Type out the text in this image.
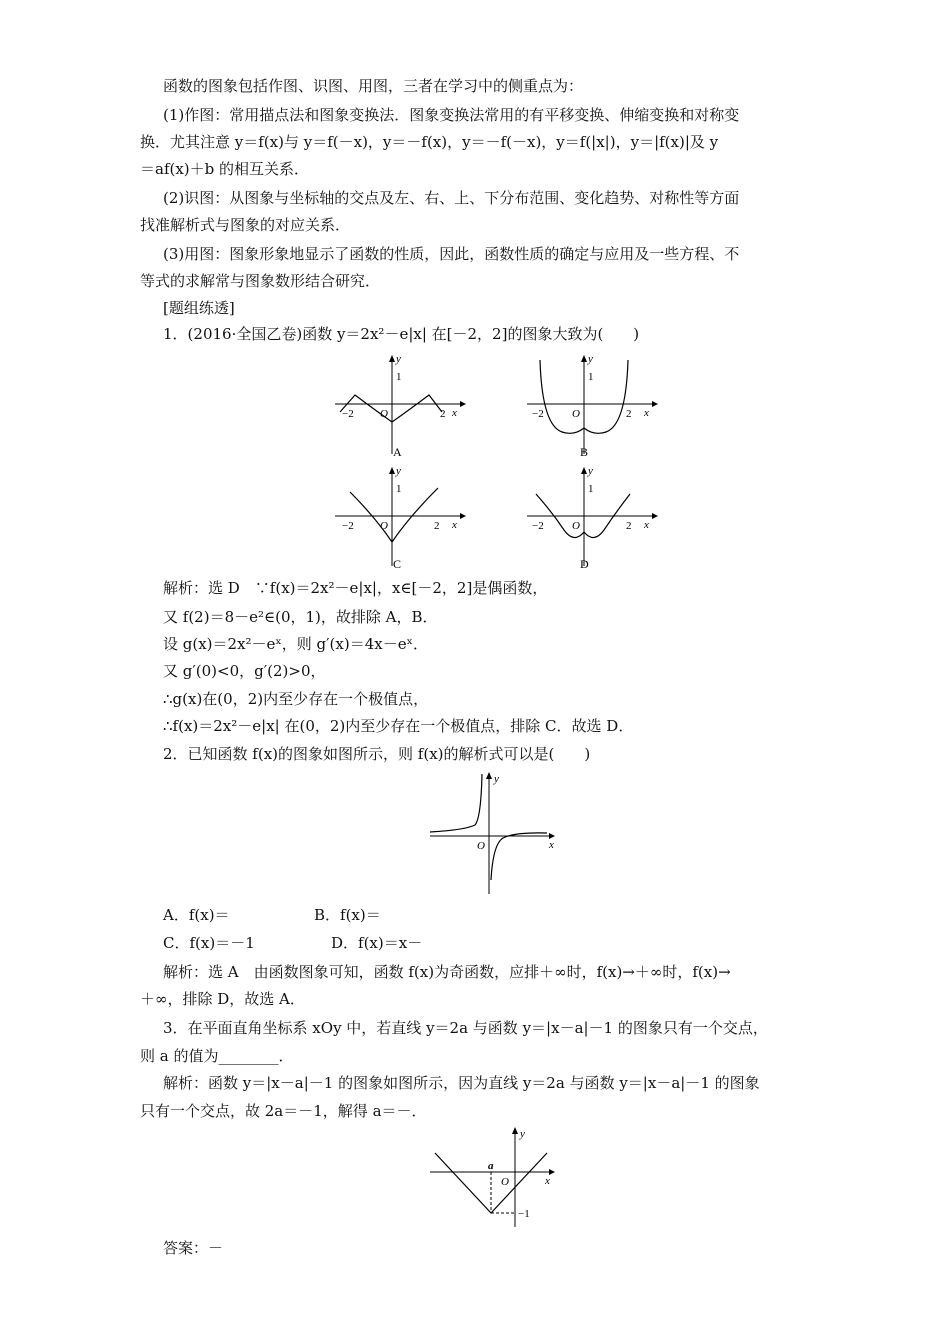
函数的图象包括作图、识图、用图，三者在学习中的侧重点为：
(1)作图：常用描点法和图象变换法．图象变换法常用的有平移变换、伸缩变换和对称变
换．尤其注意 y＝f(x)与 y＝f(－x)，y＝－f(x)，y＝－f(－x)，y＝f(|x|)，y＝|f(x)|及 y
＝af(x)＋b 的相互关系．
(2)识图：从图象与坐标轴的交点及左、右、上、下分布范围、变化趋势、对称性等方面
找准解析式与图象的对应关系．
(3)用图：图象形象地显示了函数的性质，因此，函数性质的确定与应用及一些方程、不
等式的求解常与图象数形结合研究．
[题组练透]
1．(2016·全国乙卷)函数 y＝2x²－e|x| 在[－2，2]的图象大致为(　　)
y
1
−2	2
O	x
A
y
1
−2	2
O	x
B
y
1
−2	2
O	x
C
y
1
−2	2
O	x
D
解析：选 D　∵f(x)＝2x²－e|x|，x∈[－2，2]是偶函数，
又 f(2)＝8－e²∈(0，1)，故排除 A，B．
设 g(x)＝2x²－eˣ，则 g′(x)＝4x－eˣ．
又 g′(0)<0，g′(2)>0，
∴g(x)在(0，2)内至少存在一个极值点，
∴f(x)＝2x²－e|x| 在(0，2)内至少存在一个极值点，排除 C．故选 D．
2．已知函数 f(x)的图象如图所示，则 f(x)的解析式可以是(　　)
y
O	x
A．f(x)＝	B．f(x)＝
C．f(x)＝－1	D．f(x)＝x－
解析：选 A　由函数图象可知，函数 f(x)为奇函数，应排＋∞时，f(x)→＋∞时，f(x)→
＋∞，排除 D，故选 A．
3．在平面直角坐标系 xOy 中，若直线 y＝2a 与函数 y＝|x－a|－1 的图象只有一个交点，
则 a 的值为________．
解析：函数 y＝|x－a|－1 的图象如图所示，因为直线 y＝2a 与函数 y＝|x－a|－1 的图象
只有一个交点，故 2a＝－1，解得 a＝－．
a
y
O	x
−1
答案：－
